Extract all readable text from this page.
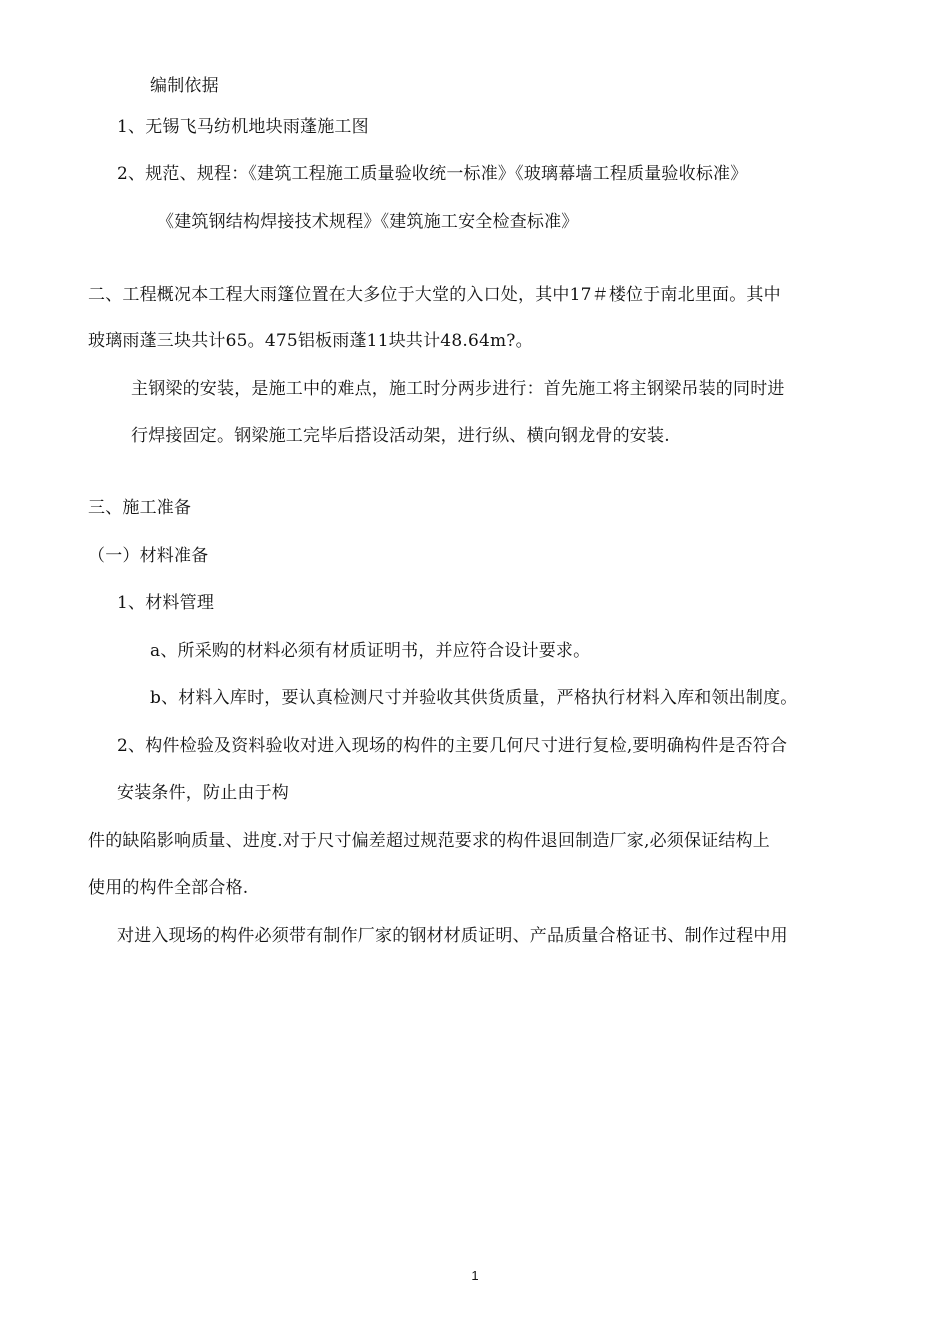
编制依据
1、无锡飞马纺机地块雨蓬施工图
2、规范、规程：《建筑工程施工质量验收统一标准》《玻璃幕墙工程质量验收标准》
《建筑钢结构焊接技术规程》《建筑施工安全检查标准》
二、工程概况本工程大雨篷位置在大多位于大堂的入口处，其中17＃楼位于南北里面。其中
玻璃雨蓬三块共计65。475铝板雨蓬11块共计48.64m?。
主钢梁的安装，是施工中的难点，施工时分两步进行：首先施工将主钢梁吊装的同时进
行焊接固定。钢梁施工完毕后搭设活动架，进行纵、横向钢龙骨的安装.
三、施工准备
（一）材料准备
1、材料管理
a、所采购的材料必须有材质证明书，并应符合设计要求。
b、材料入库时，要认真检测尺寸并验收其供货质量，严格执行材料入库和领出制度。
2、构件检验及资料验收对进入现场的构件的主要几何尺寸进行复检,要明确构件是否符合
安装条件，防止由于构
件的缺陷影响质量、进度.对于尺寸偏差超过规范要求的构件退回制造厂家,必须保证结构上
使用的构件全部合格.
对进入现场的构件必须带有制作厂家的钢材材质证明、产品质量合格证书、制作过程中用
1
